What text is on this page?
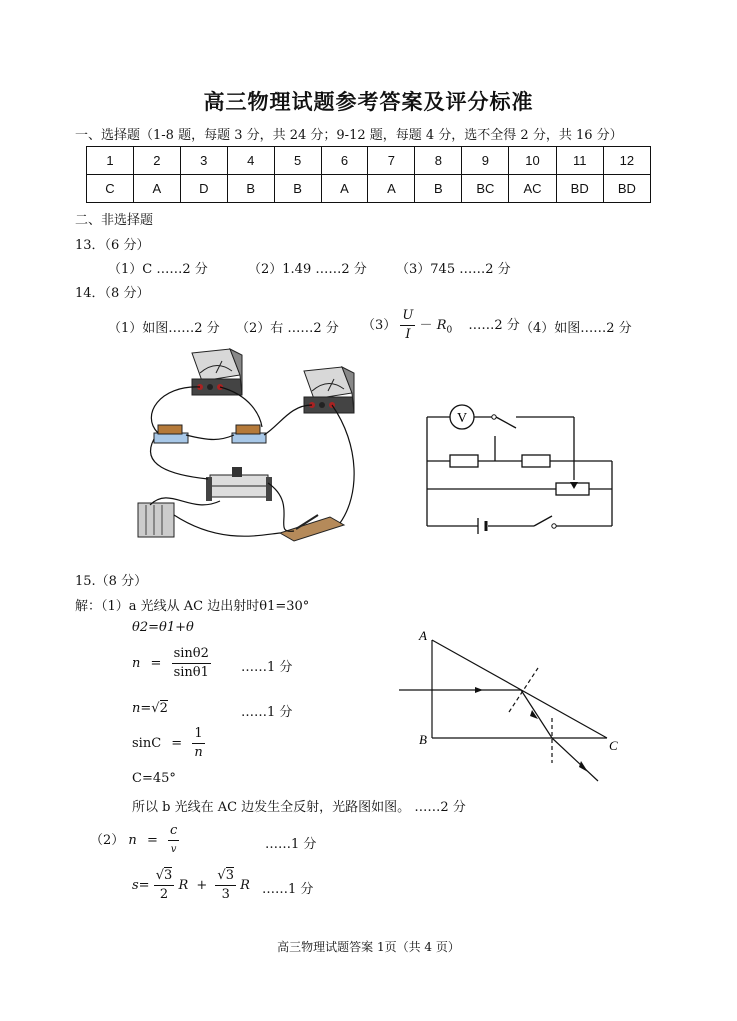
高三物理试题参考答案及评分标准
一、选择题（1-8 题，每题 3 分，共 24 分；9-12 题，每题 4 分，选不全得 2 分，共 16 分）
1	2	3	4	5	6	7	8	9	10	11	12
C	A	D	B	B	A	A	B	BC	AC	BD	BD
二、非选择题
13．（6 分）
（1）C ……2 分	（2）1.49 ……2 分 （3）745 ……2 分
14．（8 分）
（1）如图……2 分 （2）右 ……2 分 $(3) \frac{U}{I} - R_0$ ……2 分 （4）如图……2 分
V
15.（8 分）
解：（1）a 光线从 AC 边出射时θ1=30°
θ2=θ1+θ
$n = \frac{\sin\theta 2}{\sin\theta 1}$ ……1 分
n=√2	……1 分
$\sin C = \frac{1}{n}$
C=45°
所以 b 光线在 AC 边发生全反射，光路图如图。 ……2 分
（2） $n = \frac{c}{v}$	……1 分
$s= \frac{√3}{2}$ $R + \frac{√3}{3}$ R ……1 分
A
B	C
高三物理试题答案 1页（共 4 页）
